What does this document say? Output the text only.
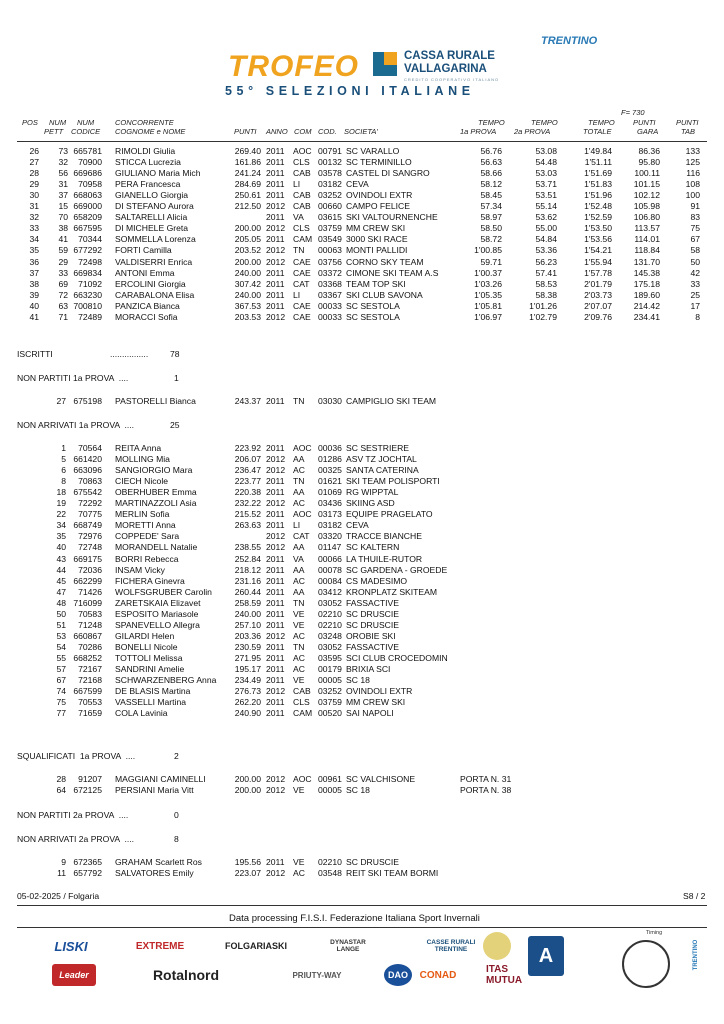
TROFEO	CASSA RURALE
VALLAGARINA
CREDITO COOPERATIVO ITALIANO
55° SELEZIONI ITALIANE
TRENTINO
F= 730
POS NUM
PETT
NUM
CODICE
CONCORRENTE
COGNOME e NOME	PUNTI ANNO COM COD. SOCIETA'
TEMPO
1a PROVA
TEMPO
2a PROVA
TEMPO
TOTALE
PUNTI
GARA
PUNTI
TAB
26 73 665781 RIMOLDI Giulia	269.40 2011 AOC 00791 SC VARALLO	56.76	53.08	1'49.84	86.36	133
27 32 70900 STICCA Lucrezia	161.86 2011 CLS 00132 SC TERMINILLO	56.63	54.48	1'51.11	95.80	125
28 56 669686 GIULIANO Maria Mich	241.24 2011 CAB 03578 CASTEL DI SANGRO	58.66	53.03	1'51.69	100.11	116
29 31 70958 PERA Francesca	284.69 2011 LI 03182 CEVA	58.12	53.71	1'51.83	101.15	108
30 37 668063 GIANELLO Giorgia	250.61 2011 CAB 03252 OVINDOLI EXTR	58.45	53.51	1'51.96	102.12	100
31 15 669000 DI STEFANO Aurora	212.50 2012 CAB 00660 CAMPO FELICE	57.34	55.14	1'52.48	105.98	91
32 70 658209 SALTARELLI Alicia	2011 VA 03615 SKI VALTOURNENCHE	58.97	53.62	1'52.59	106.80	83
33 38 667595 DI MICHELE Greta	200.00 2012 CLS 03759 MM CREW SKI	58.50	55.00	1'53.50	113.57	75
34 41 70344 SOMMELLA Lorenza	205.05 2011 CAM 03549 3000 SKI RACE	58.72	54.84	1'53.56	114.01	67
35 59 677292 FORTI Camilla	203.52 2012 TN 00063 MONTI PALLIDI	1'00.85	53.36	1'54.21	118.84	58
36 29 72498 VALDISERRI Enrica	200.00 2012 CAE 03756 CORNO SKY TEAM	59.71	56.23	1'55.94	131.70	50
37 33 669834 ANTONI Emma	240.00 2011 CAE 03372 CIMONE SKI TEAM A.S	1'00.37	57.41	1'57.78	145.38	42
38 69 71092 ERCOLINI Giorgia	307.42 2011 CAT 03368 TEAM TOP SKI	1'03.26	58.53	2'01.79	175.18	33
39 72 663230 CARABALONA Elisa	240.00 2011 LI 03367 SKI CLUB SAVONA	1'05.35	58.38	2'03.73	189.60	25
40 63 700810 PANZICA Bianca	367.53 2011 CAE 00033 SC SESTOLA	1'05.81	1'01.26	2'07.07	214.42	17
41 71 72489 MORACCI Sofia	203.53 2012 CAE 00033 SC SESTOLA	1'06.97	1'02.79	2'09.76	234.41	8
ISCRITTI	................	78
NON PARTITI 1a PROVA  ....	1
27 675198 PASTORELLI Bianca	243.37 2011 TN 03030 CAMPIGLIO SKI TEAM
NON ARRIVATI 1a PROVA  ....	25
1 70564 REITA Anna	223.92 2011 AOC 00036 SC SESTRIERE
5 661420 MOLLING Mia	206.07 2012 AA 01286 ASV TZ JOCHTAL
6 663096 SANGIORGIO Mara	236.47 2012 AC 00325 SANTA CATERINA
8 70863 CIECH Nicole	223.77 2011 TN 01621 SKI TEAM POLISPORTI
18 675542 OBERHUBER Emma	220.38 2011 AA 01069 RG WIPPTAL
19 72292 MARTINAZZOLI Asia	232.22 2012 AC 03436 SKIING ASD
22 70775 MERLIN Sofia	215.52 2011 AOC 03173 EQUIPE PRAGELATO
34 668749 MORETTI Anna	263.63 2011 LI 03182 CEVA
35 72976 COPPEDE' Sara	2012 CAT 03320 TRACCE BIANCHE
40 72748 MORANDELL Natalie	238.55 2012 AA 01147 SC KALTERN
43 669175 BORRI Rebecca	252.84 2011 VA 00066 LA THUILE-RUTOR
44 72036 INSAM Vicky	218.12 2011 AA 00078 SC GARDENA - GROEDE
45 662299 FICHERA Ginevra	231.16 2011 AC 00084 CS MADESIMO
47 71426 WOLFSGRUBER Carolin	260.44 2011 AA 03412 KRONPLATZ SKITEAM
48 716099 ZARETSKAIA Elizavet	258.59 2011 TN 03052 FASSACTIVE
50 70583 ESPOSITO Mariasole	240.00 2011 VE 02210 SC DRUSCIE
51 71248 SPANEVELLO Allegra	257.10 2011 VE 02210 SC DRUSCIE
53 660867 GILARDI Helen	203.36 2012 AC 03248 OROBIE SKI
54 70286 BONELLI Nicole	230.59 2011 TN 03052 FASSACTIVE
55 668252 TOTTOLI Melissa	271.95 2011 AC 03595 SCI CLUB CROCEDOMIN
57 72167 SANDRINI Amelie	195.17 2011 AC 00179 BRIXIA SCI
67 72168 SCHWARZENBERG Anna 234.49 2011 VE 00005 SC 18
74 667599 DE BLASIS Martina	276.73 2012 CAB 03252 OVINDOLI EXTR
75 70553 VASSELLI Martina	262.20 2011 CLS 03759 MM CREW SKI
77 71659 COLA Lavinia	240.90 2011 CAM 00520 SAI NAPOLI
SQUALIFICATI  1a PROVA  ....	2
28 91207 MAGGIANI CAMINELLI	200.00 2012 AOC 00961 SC VALCHISONE	PORTA N. 31
64 672125 PERSIANI Maria Vitt	200.00 2012 VE 00005 SC 18	PORTA N. 38
NON PARTITI 2a PROVA  ....	0
NON ARRIVATI 2a PROVA  ....	8
9 672365 GRAHAM Scarlett Ros	195.56 2011 VE 02210 SC DRUSCIE
11 657792 SALVATORES Emily	223.07 2012 AC 03548 REIT SKI TEAM BORMI
05-02-2025 / Folgaria	S8 / 2
Data processing F.I.S.I. Federazione Italiana Sport Invernali
LISKI	EXTREME	FOLGARIASKI	DYNASTAR LANGE
CASSE RURALI TRENTINE	A
Timing
TRENTINO
Leader	Rotalnord	PRIUTY-WAY	DAO	CONAD	ITAS MUTUA
